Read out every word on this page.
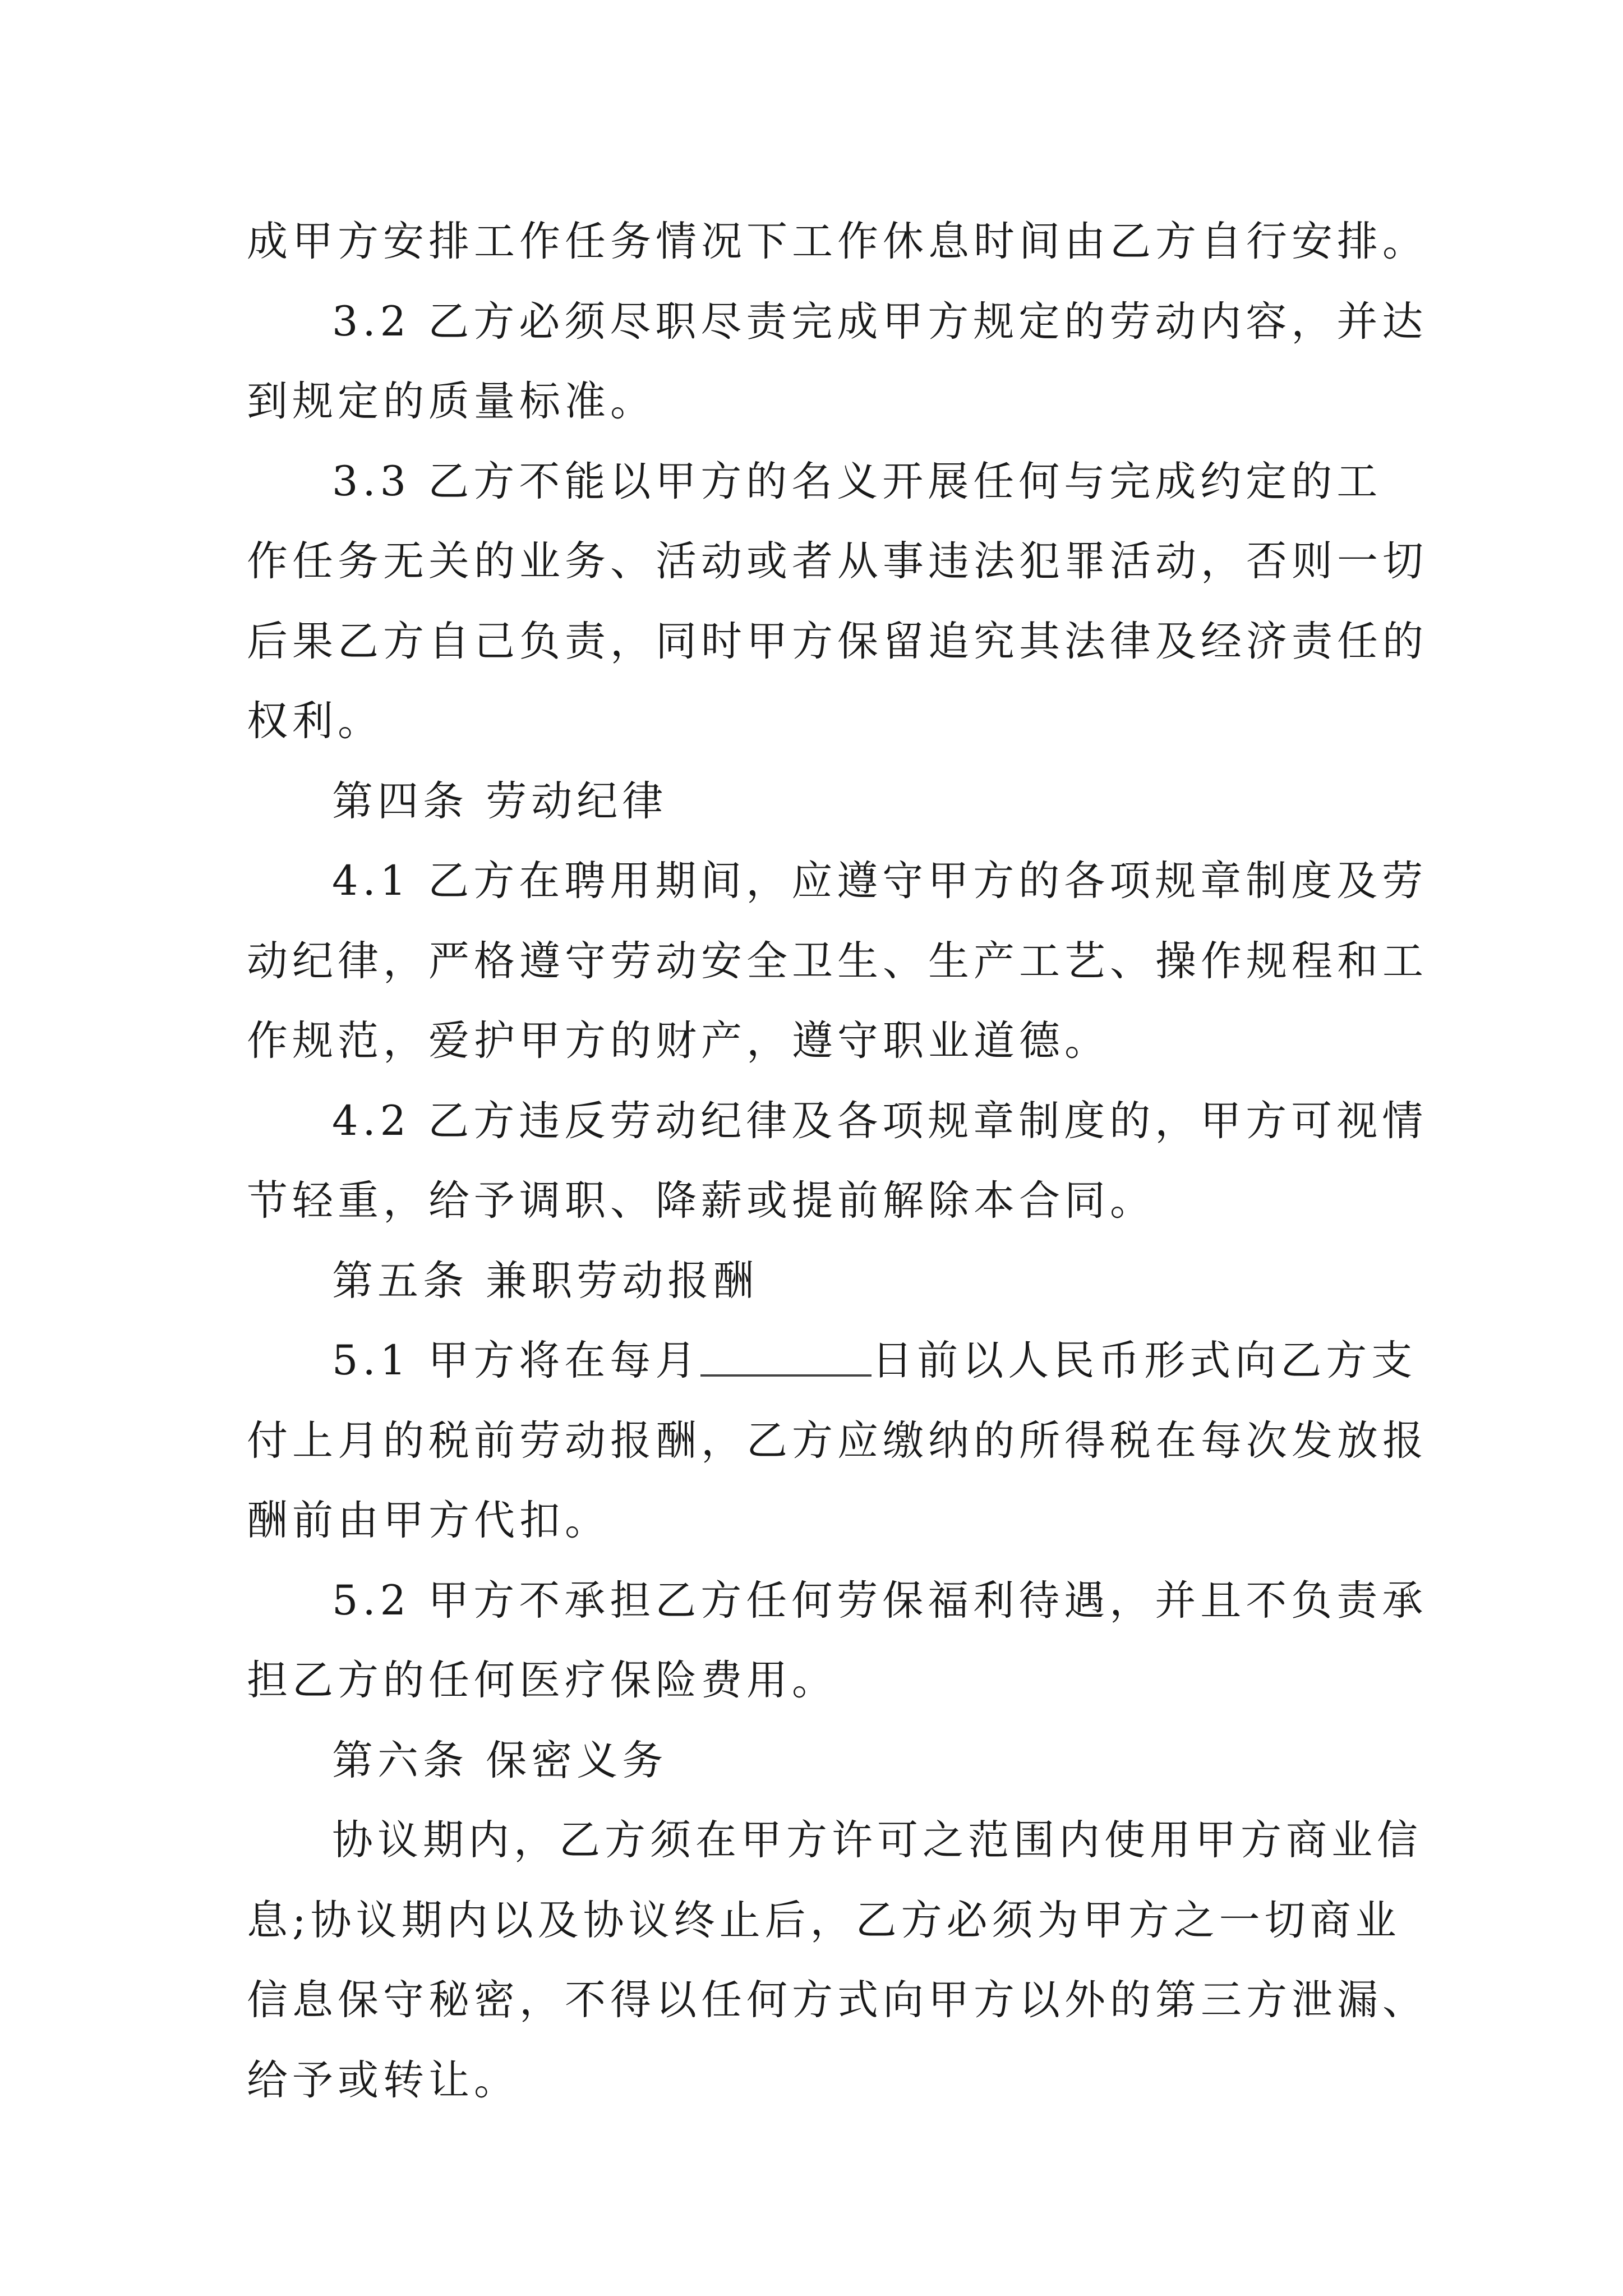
成甲方安排工作任务情况下工作休息时间由乙方自行安排。
3.2 乙方必须尽职尽责完成甲方规定的劳动内容，并达
到规定的质量标准。
3.3 乙方不能以甲方的名义开展任何与完成约定的工
作任务无关的业务、活动或者从事违法犯罪活动，否则一切
后果乙方自己负责，同时甲方保留追究其法律及经济责任的
权利。
第四条 劳动纪律
4.1 乙方在聘用期间，应遵守甲方的各项规章制度及劳
动纪律，严格遵守劳动安全卫生、生产工艺、操作规程和工
作规范，爱护甲方的财产，遵守职业道德。
4.2 乙方违反劳动纪律及各项规章制度的，甲方可视情
节轻重，给予调职、降薪或提前解除本合同。
第五条 兼职劳动报酬
5.1 甲方将在每月	日前以人民币形式向乙方支
付上月的税前劳动报酬，乙方应缴纳的所得税在每次发放报
酬前由甲方代扣。
5.2 甲方不承担乙方任何劳保福利待遇，并且不负责承
担乙方的任何医疗保险费用。
第六条 保密义务
协议期内，乙方须在甲方许可之范围内使用甲方商业信
息;协议期内以及协议终止后，乙方必须为甲方之一切商业
信息保守秘密，不得以任何方式向甲方以外的第三方泄漏、
给予或转让。
